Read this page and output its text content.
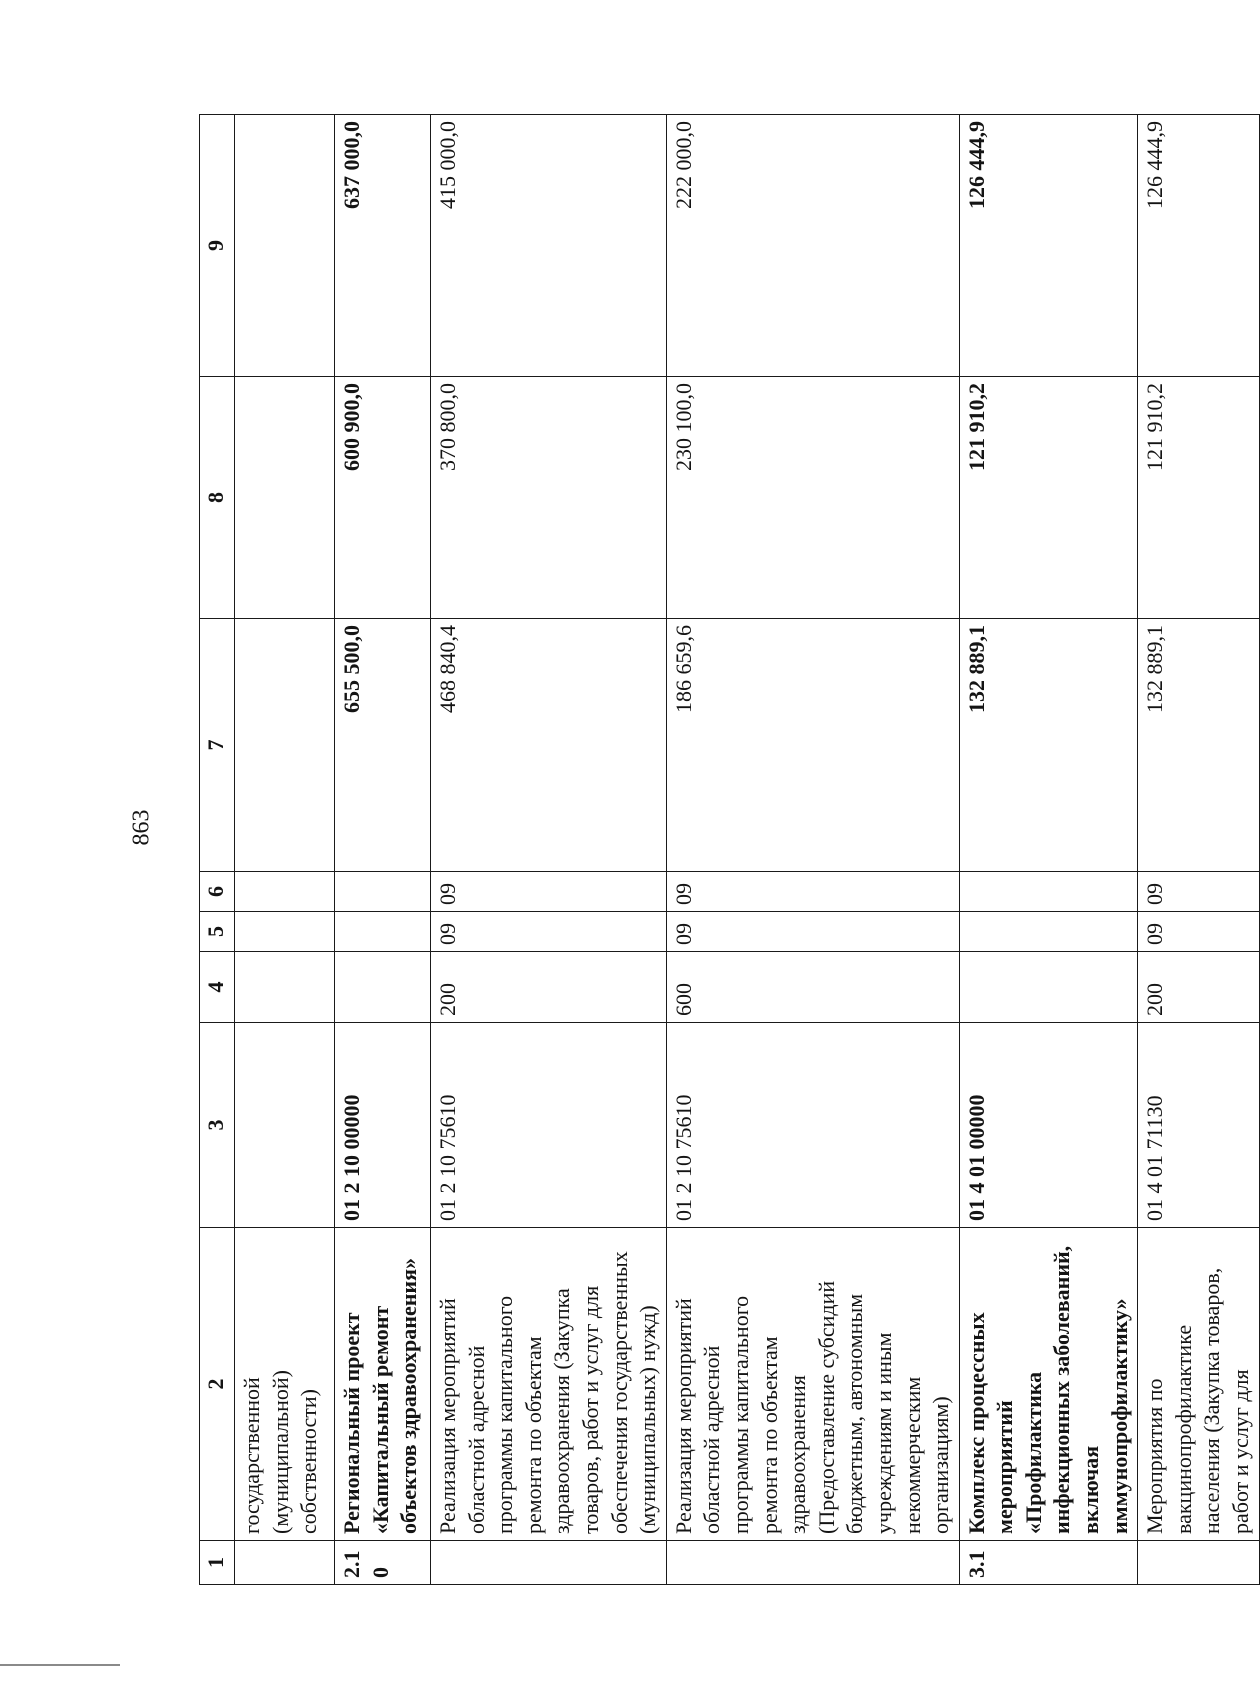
863
1	2	3	4	5	6	7	8	9
	государственной (муниципальной) собственности)							
2.10	Региональный проект «Капитальный ремонт объектов здравоохранения»	01 2 10 00000				655 500,0	600 900,0	637 000,0
	Реализация мероприятий областной адресной программы капитального ремонта по объектам здравоохранения (Закупка товаров, работ и услуг для обеспечения государственных (муниципальных) нужд)	01 2 10 75610	200	09	09	468 840,4	370 800,0	415 000,0
	Реализация мероприятий областной адресной программы капитального ремонта по объектам здравоохранения (Предоставление субсидий бюджетным, автономным учреждениям и иным некоммерческим организациям)	01 2 10 75610	600	09	09	186 659,6	230 100,0	222 000,0
3.1	Комплекс процессных мероприятий «Профилактика инфекционных заболеваний, включая иммунопрофилактику»	01 4 01 00000				132 889,1	121 910,2	126 444,9
	Мероприятия по вакцинопрофилактике населения (Закупка товаров, работ и услуг для	01 4 01 71130	200	09	09	132 889,1	121 910,2	126 444,9
